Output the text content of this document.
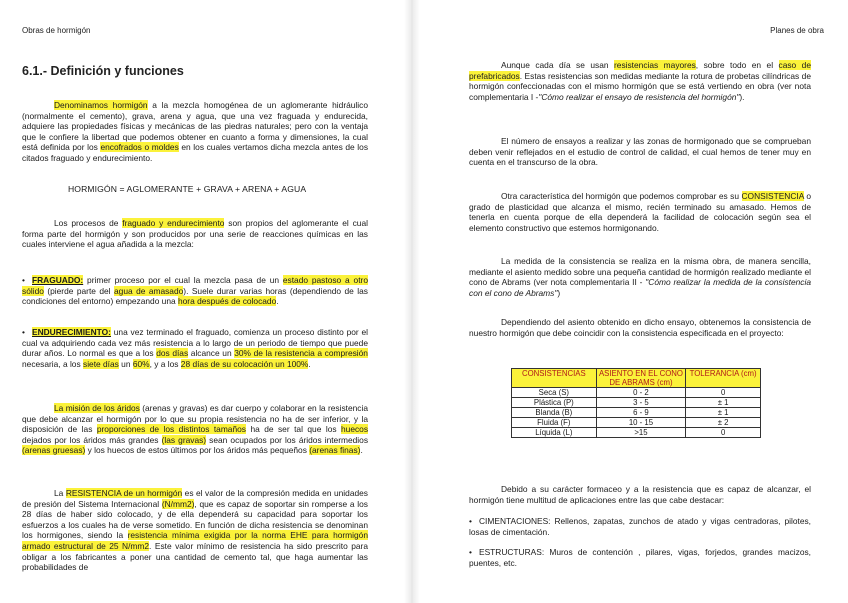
Obras de hormigón
6.1.- Definición y funciones

Denominamos hormigón a la mezcla homogénea de un aglomerante hidráulico (normalmente el cemento), grava, arena y agua, que una vez fraguada y endurecida, adquiere las propiedades físicas y mecánicas de las piedras naturales; pero con la ventaja que le confiere la libertad que podemos obtener en cuanto a forma y dimensiones, la cual está definida por los encofrados o moldes en los cuales vertamos dicha mezcla antes de los citados fraguado y endurecimiento.

HORMIGÓN = AGLOMERANTE + GRAVA + ARENA + AGUA

Los procesos de fraguado y endurecimiento son propios del aglomerante el cual forma parte del hormigón y son producidos por una serie de reacciones químicas en las cuales interviene el agua añadida a la mezcla:

• FRAGUADO: primer proceso por el cual la mezcla pasa de un estado pastoso a otro sólido (pierde parte del agua de amasado). Suele durar varias horas (dependiendo de las condiciones del entorno) empezando una hora después de colocado.

• ENDURECIMIENTO: una vez terminado el fraguado, comienza un proceso distinto por el cual va adquiriendo cada vez más resistencia a lo largo de un periodo de tiempo que puede durar años. Lo normal es que a los dos días alcance un 30% de la resistencia a compresión necesaria, a los siete días un 60%, y a los 28 días de su colocación un 100%.

La misión de los áridos (arenas y gravas) es dar cuerpo y colaborar en la resistencia que debe alcanzar el hormigón por lo que su propia resistencia no ha de ser inferior, y la disposición de las proporciones de los distintos tamaños ha de ser tal que los huecos dejados por los áridos más grandes (las gravas) sean ocupados por los áridos intermedios (arenas gruesas) y los huecos de estos últimos por los áridos más pequeños (arenas finas).

La RESISTENCIA de un hormigón es el valor de la compresión medida en unidades de presión del Sistema Internacional (N/mm2), que es capaz de soportar sin romperse a los 28 días de haber sido colocado, y de ella dependerá su capacidad para soportar los esfuerzos a los cuales ha de verse sometido. En función de dicha resistencia se denominan los hormigones, siendo la resistencia mínima exigida por la norma EHE para hormigón armado estructural de 25 N/mm2. Este valor mínimo de resistencia ha sido prescrito para obligar a los fabricantes a poner una cantidad de cemento tal, que haga aumentar las probabilidades de

Planes de obra

Aunque cada día se usan resistencias mayores, sobre todo en el caso de prefabricados. Estas resistencias son medidas mediante la rotura de probetas cilíndricas de hormigón confeccionadas con el mismo hormigón que se está vertiendo en obra (ver nota complementaria I -"Cómo realizar el ensayo de resistencia del hormigón").

El número de ensayos a realizar y las zonas de hormigonado que se comprueban deben venir reflejados en el estudio de control de calidad, el cual hemos de tener muy en cuenta en el transcurso de la obra.

Otra característica del hormigón que podemos comprobar es su CONSISTENCIA o grado de plasticidad que alcanza el mismo, recién terminado su amasado. Hemos de tenerla en cuenta porque de ella dependerá la facilidad de colocación según sea el elemento constructivo que estemos hormigonando.

La medida de la consistencia se realiza en la misma obra, de manera sencilla, mediante el asiento medido sobre una pequeña cantidad de hormigón realizado mediante el cono de Abrams (ver nota complementaria II - "Cómo realizar la medida de la consistencia con el cono de Abrams")

Dependiendo del asiento obtenido en dicho ensayo, obtenemos la consistencia de nuestro hormigón que debe coincidir con la consistencia especificada en el proyecto:

CONSISTENCIAS	ASIENTO EN EL CONO DE ABRAMS (cm)	TOLERANCIA (cm)
Seca (S)	0 - 2	0
Plástica (P)	3 - 5	± 1
Blanda (B)	6 - 9	± 1
Fluida (F)	10 - 15	± 2
Líquida (L)	>15	0

Debido a su carácter formaceo y a la resistencia que es capaz de alcanzar, el hormigón tiene multitud de aplicaciones entre las que cabe destacar:

• CIMENTACIONES: Rellenos, zapatas, zunchos de atado y vigas centradoras, pilotes, losas de cimentación.

• ESTRUCTURAS: Muros de contención , pilares, vigas, forjedos, grandes macizos, puentes, etc.
